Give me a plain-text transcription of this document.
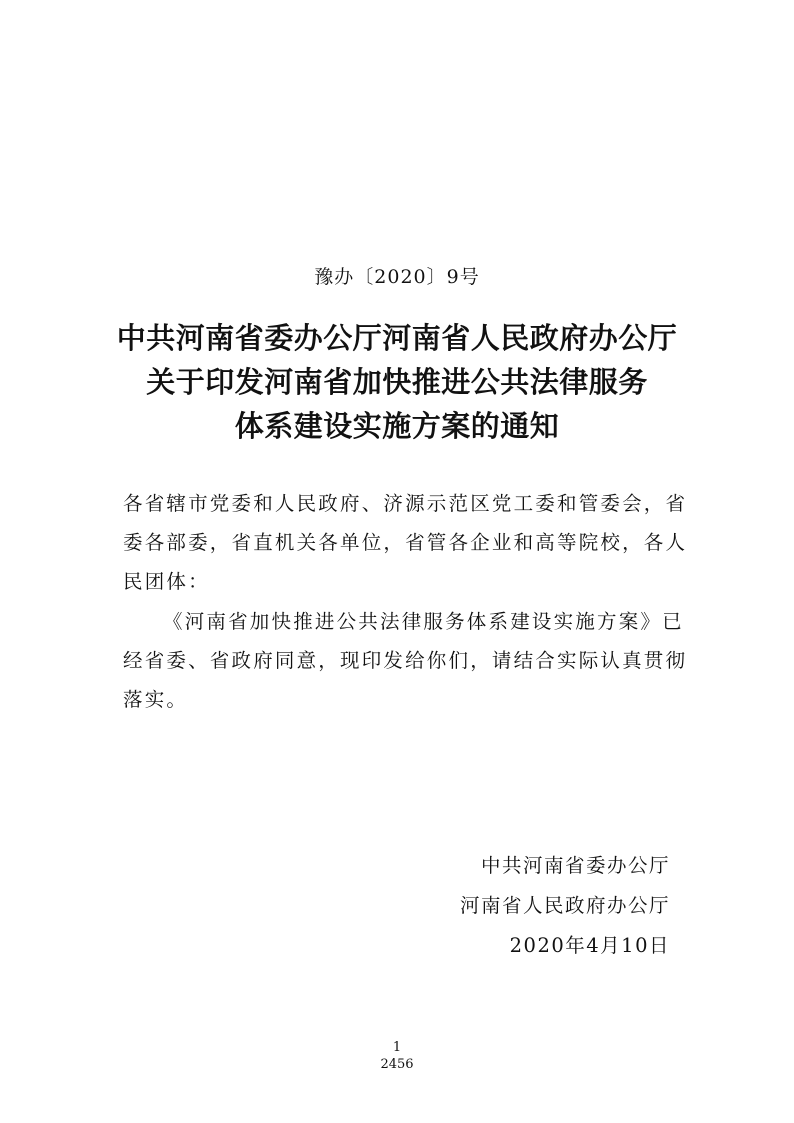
豫办〔2020〕9号
中共河南省委办公厅河南省人民政府办公厅
关于印发河南省加快推进公共法律服务
体系建设实施方案的通知
各省辖市党委和人民政府、济源示范区党工委和管委会，省
委各部委，省直机关各单位，省管各企业和高等院校，各人
民团体：
《河南省加快推进公共法律服务体系建设实施方案》已
经省委、省政府同意，现印发给你们，请结合实际认真贯彻
落实。
中共河南省委办公厅
河南省人民政府办公厅
2020年4月10日
1
2456
